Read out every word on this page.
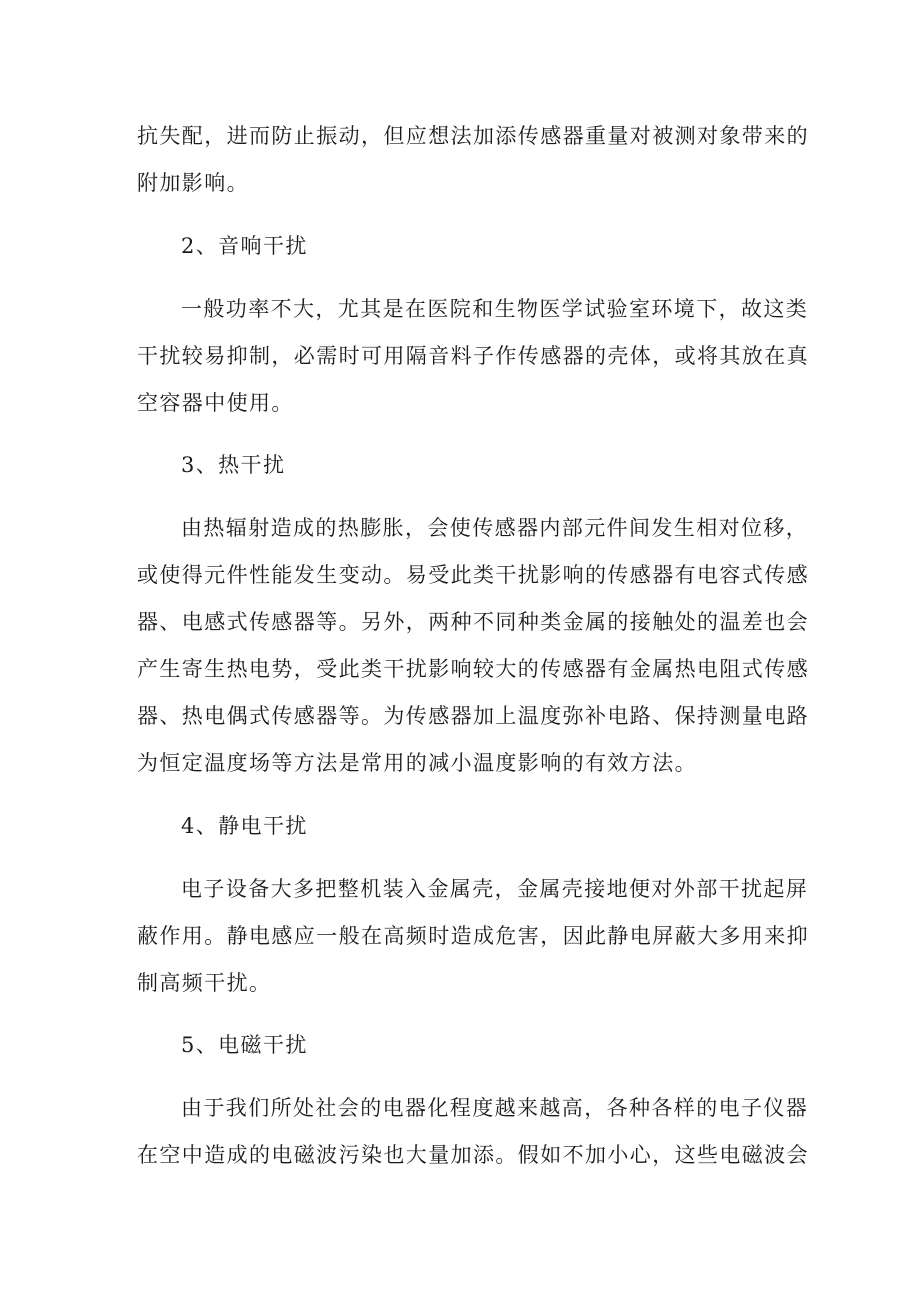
抗失配，进而防止振动，但应想法加添传感器重量对被测对象带来的
附加影响。
2、音响干扰
一般功率不大，尤其是在医院和生物医学试验室环境下，故这类
干扰较易抑制，必需时可用隔音料子作传感器的壳体，或将其放在真
空容器中使用。
3、热干扰
由热辐射造成的热膨胀，会使传感器内部元件间发生相对位移，
或使得元件性能发生变动。易受此类干扰影响的传感器有电容式传感
器、电感式传感器等。另外，两种不同种类金属的接触处的温差也会
产生寄生热电势，受此类干扰影响较大的传感器有金属热电阻式传感
器、热电偶式传感器等。为传感器加上温度弥补电路、保持测量电路
为恒定温度场等方法是常用的减小温度影响的有效方法。
4、静电干扰
电子设备大多把整机装入金属壳，金属壳接地便对外部干扰起屏
蔽作用。静电感应一般在高频时造成危害，因此静电屏蔽大多用来抑
制高频干扰。
5、电磁干扰
由于我们所处社会的电器化程度越来越高，各种各样的电子仪器
在空中造成的电磁波污染也大量加添。假如不加小心，这些电磁波会
